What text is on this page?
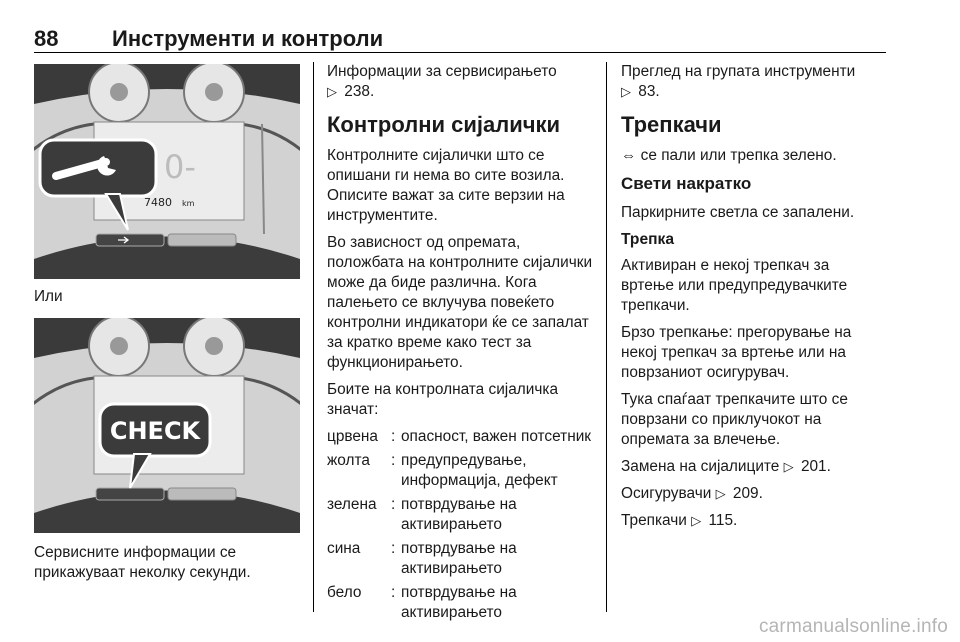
88 Инструменти и контроли
0-
7480 km
Или
CHECK
Сервисните информации се прикажуваат неколку секунди.
Информации за сервисирањето
▷ 238.
Контролни сијалички
Контролните сијалички што се опишани ги нема во сите возила. Описите важат за сите верзии на инструментите.
Во зависност од опремата, положбата на контролните сијалички може да биде различна. Кога палењето се вклучува повеќето контролни индикатори ќе се запалат за кратко време како тест за функционирањето.
Боите на контролната сијаличка значат:
црвена : опасност, важен потсетник
жолта	: предупредување, информација, дефект
зелена : потврдување на активирањето
сина	: потврдување на активирањето
бело	: потврдување на активирањето
Преглед на групата инструменти
▷ 83.
Трепкачи
⇔ се пали или трепка зелено.
Свети накратко
Паркирните светла се запалени.
Трепка
Активиран е некој трепкач за вртење или предупредувачките трепкачи.
Брзо трепкање: прегорување на некој трепкач за вртење или на поврзаниот осигурувач.
Тука спаѓаат трепкачите што се поврзани со приклучокот на опремата за влечење.
Замена на сијалиците ▷ 201.
Осигурувачи ▷ 209.
Трепкачи ▷ 115.
carmanualsonline.info
